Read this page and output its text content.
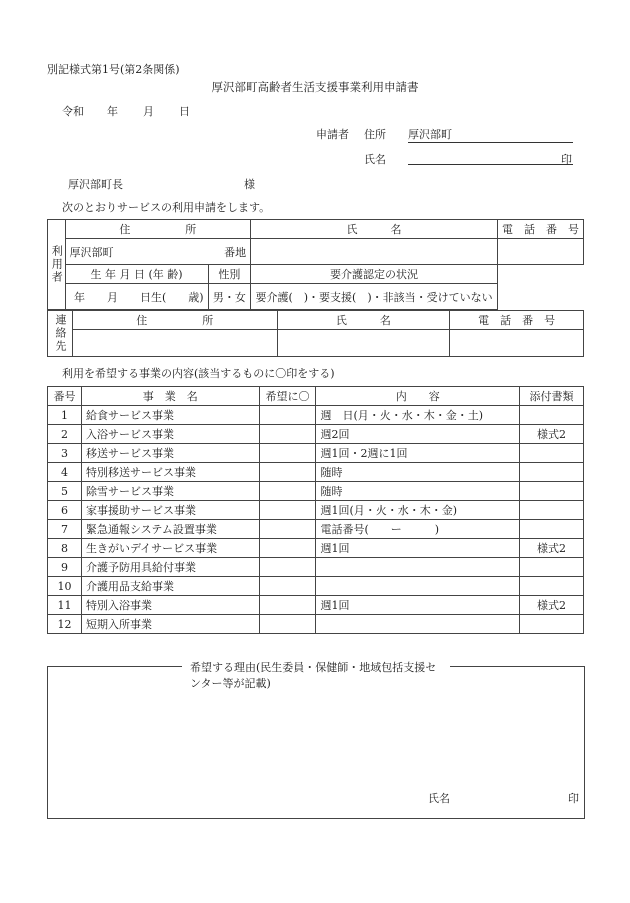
別記様式第1号(第2条関係)
厚沢部町高齢者生活支援事業利用申請書
令和 年 月 日
申請者 住所 厚沢部町
氏名	印
厚沢部町長	様
次のとおりサービスの利用申請をします。
利用者	住　　　　　所		氏　　　名	電　話　番　号
	厚沢部町 番地			

	生 年 月 日 (年 齢)	性別	要介護認定の状況	
	年　　月　　日生(　　歳)	男・女	要介護(　)・要支援(　)・非該当・受けていない	
連絡先	住　　　　　所	氏　　　名	電　話　番　号

利用を希望する事業の内容(該当するものに〇印をする)
番号	事　業　名	希望に〇	内　　容	添付書類
1	給食サービス事業		週　日(月・火・水・木・金・土)	
2	入浴サービス事業		週2回	様式2
3	移送サービス事業		週1回・2週に1回	
4	特別移送サービス事業		随時	
5	除雪サービス事業		随時	
6	家事援助サービス事業		週1回(月・火・水・木・金)	
7	緊急通報システム設置事業		電話番号(　　ー　　　)	
8	生きがいデイサービス事業		週1回	様式2
9	介護予防用具給付事業			
10	介護用品支給事業			
11	特別入浴事業		週1回	様式2
12	短期入所事業			
希望する理由(民生委員・保健師・地域包括支援センター等が記載)
氏名	印
